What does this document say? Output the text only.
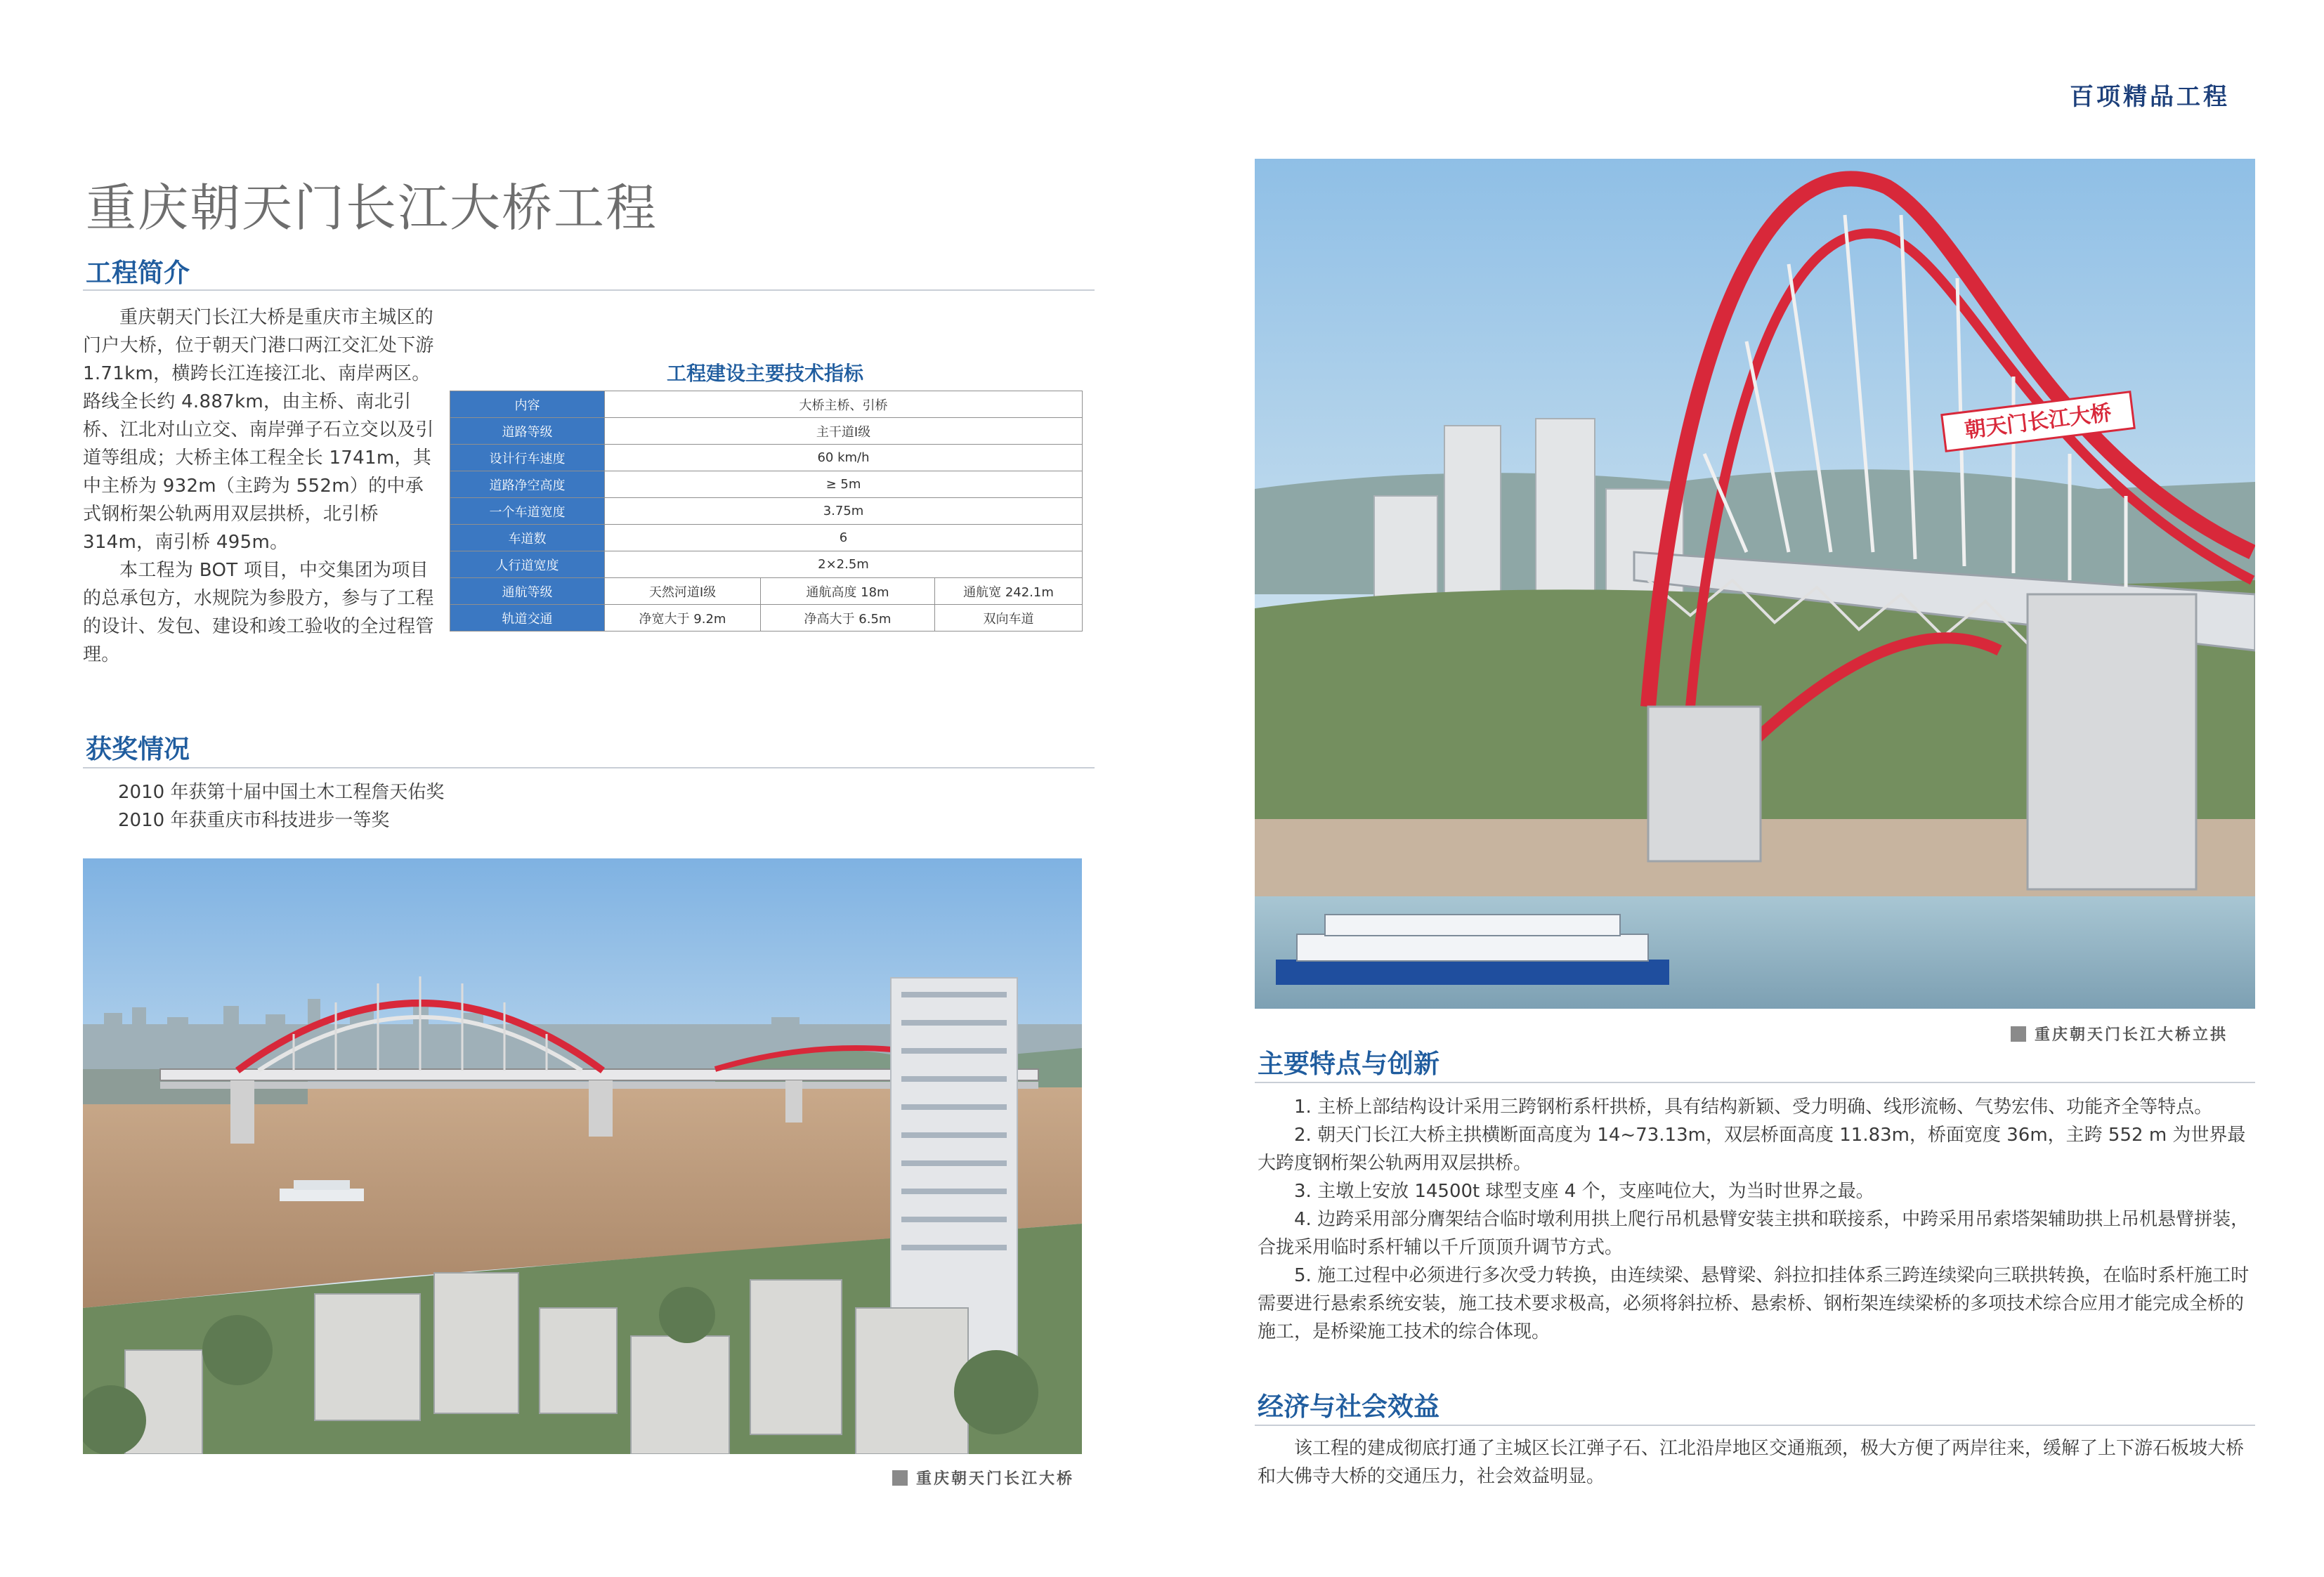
重庆朝天门长江大桥工程
工程简介

重庆朝天门长江大桥是重庆市主城区的门户大桥，位于朝天门港口两江交汇处下游 1.71km，横跨长江连接江北、南岸两区。路线全长约 4.887km，由主桥、南北引桥、江北对山立交、南岸弹子石立交以及引道等组成；大桥主体工程全长 1741m，其中主桥为 932m（主跨为 552m）的中承式钢桁架公轨两用双层拱桥，北引桥 314m，南引桥 495m。

本工程为 BOT 项目，中交集团为项目的总承包方，水规院为参股方，参与了工程的设计、发包、建设和竣工验收的全过程管理。

工程建设主要技术指标
内容	大桥主桥、引桥		
道路等级	主干道Ⅰ级		
设计行车速度	60 km/h		
道路净空高度	≥ 5m		
一个车道宽度	3.75m		
车道数	6		
人行道宽度	2×2.5m		
通航等级	天然河道Ⅰ级	通航高度 18m	通航宽 242.1m
轨道交通	净宽大于 9.2m	净高大于 6.5m	双向车道
获奖情况
2010 年获第十届中国土木工程詹天佑奖
2010 年获重庆市科技进步一等奖
重庆朝天门长江大桥
百项精品工程
朝天门长江大桥
重庆朝天门长江大桥立拱
主要特点与创新

1. 主桥上部结构设计采用三跨钢桁系杆拱桥，具有结构新颖、受力明确、线形流畅、气势宏伟、功能齐全等特点。

2. 朝天门长江大桥主拱横断面高度为 14~73.13m，双层桥面高度 11.83m，桥面宽度 36m，主跨 552 m 为世界最大跨度钢桁架公轨两用双层拱桥。

3. 主墩上安放 14500t 球型支座 4 个，支座吨位大，为当时世界之最。

4. 边跨采用部分膺架结合临时墩利用拱上爬行吊机悬臂安装主拱和联接系，中跨采用吊索塔架辅助拱上吊机悬臂拼装，合拢采用临时系杆辅以千斤顶顶升调节方式。

5. 施工过程中必须进行多次受力转换，由连续梁、悬臂梁、斜拉扣挂体系三跨连续梁向三联拱转换，在临时系杆施工时需要进行悬索系统安装，施工技术要求极高，必须将斜拉桥、悬索桥、钢桁架连续梁桥的多项技术综合应用才能完成全桥的施工，是桥梁施工技术的综合体现。

经济与社会效益

该工程的建成彻底打通了主城区长江弹子石、江北沿岸地区交通瓶颈，极大方便了两岸往来，缓解了上下游石板坡大桥和大佛寺大桥的交通压力，社会效益明显。
